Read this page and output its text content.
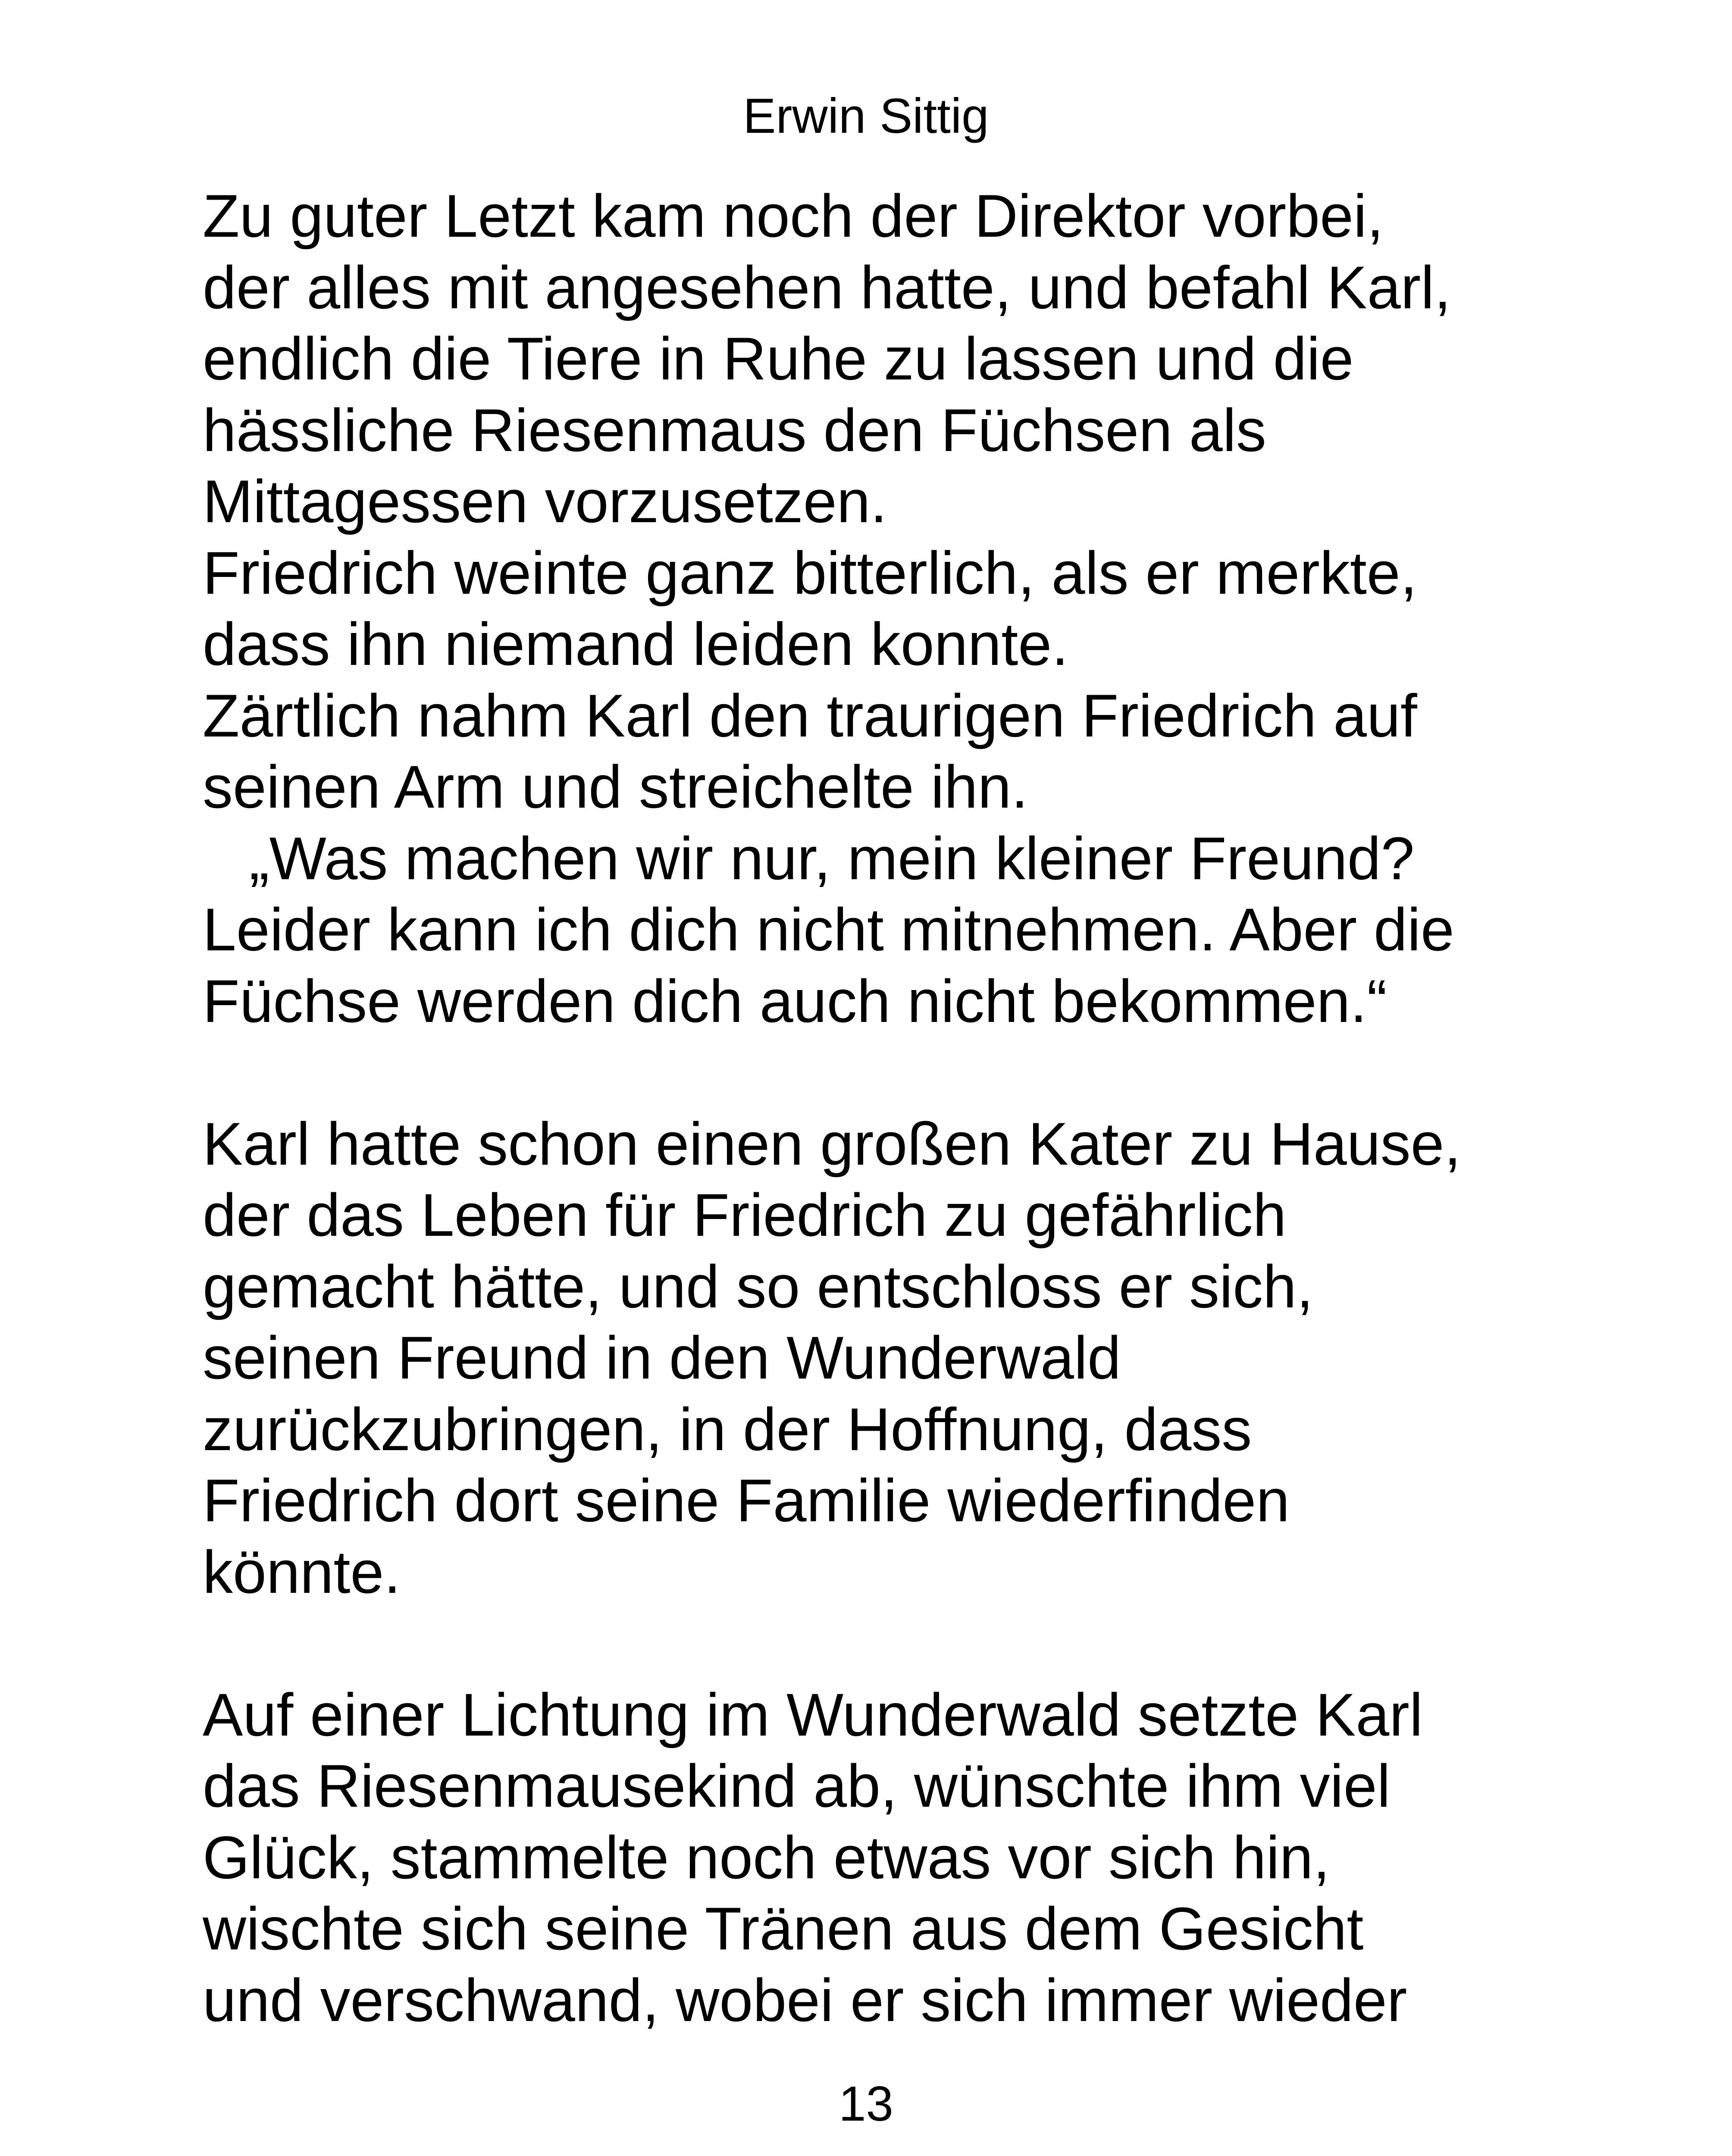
Erwin Sittig
Zu guter Letzt kam noch der Direktor vorbei,
der alles mit angesehen hatte, und befahl Karl,
endlich die Tiere in Ruhe zu lassen und die
hässliche Riesenmaus den Füchsen als
Mittagessen vorzusetzen.
Friedrich weinte ganz bitterlich, als er merkte,
dass ihn niemand leiden konnte.
Zärtlich nahm Karl den traurigen Friedrich auf
seinen Arm und streichelte ihn.
„Was machen wir nur, mein kleiner Freund?
Leider kann ich dich nicht mitnehmen. Aber die
Füchse werden dich auch nicht bekommen.“
Karl hatte schon einen großen Kater zu Hause,
der das Leben für Friedrich zu gefährlich
gemacht hätte, und so entschloss er sich,
seinen Freund in den Wunderwald
zurückzubringen, in der Hoffnung, dass
Friedrich dort seine Familie wiederfinden
könnte.
Auf einer Lichtung im Wunderwald setzte Karl
das Riesenmausekind ab, wünschte ihm viel
Glück, stammelte noch etwas vor sich hin,
wischte sich seine Tränen aus dem Gesicht
und verschwand, wobei er sich immer wieder
13
